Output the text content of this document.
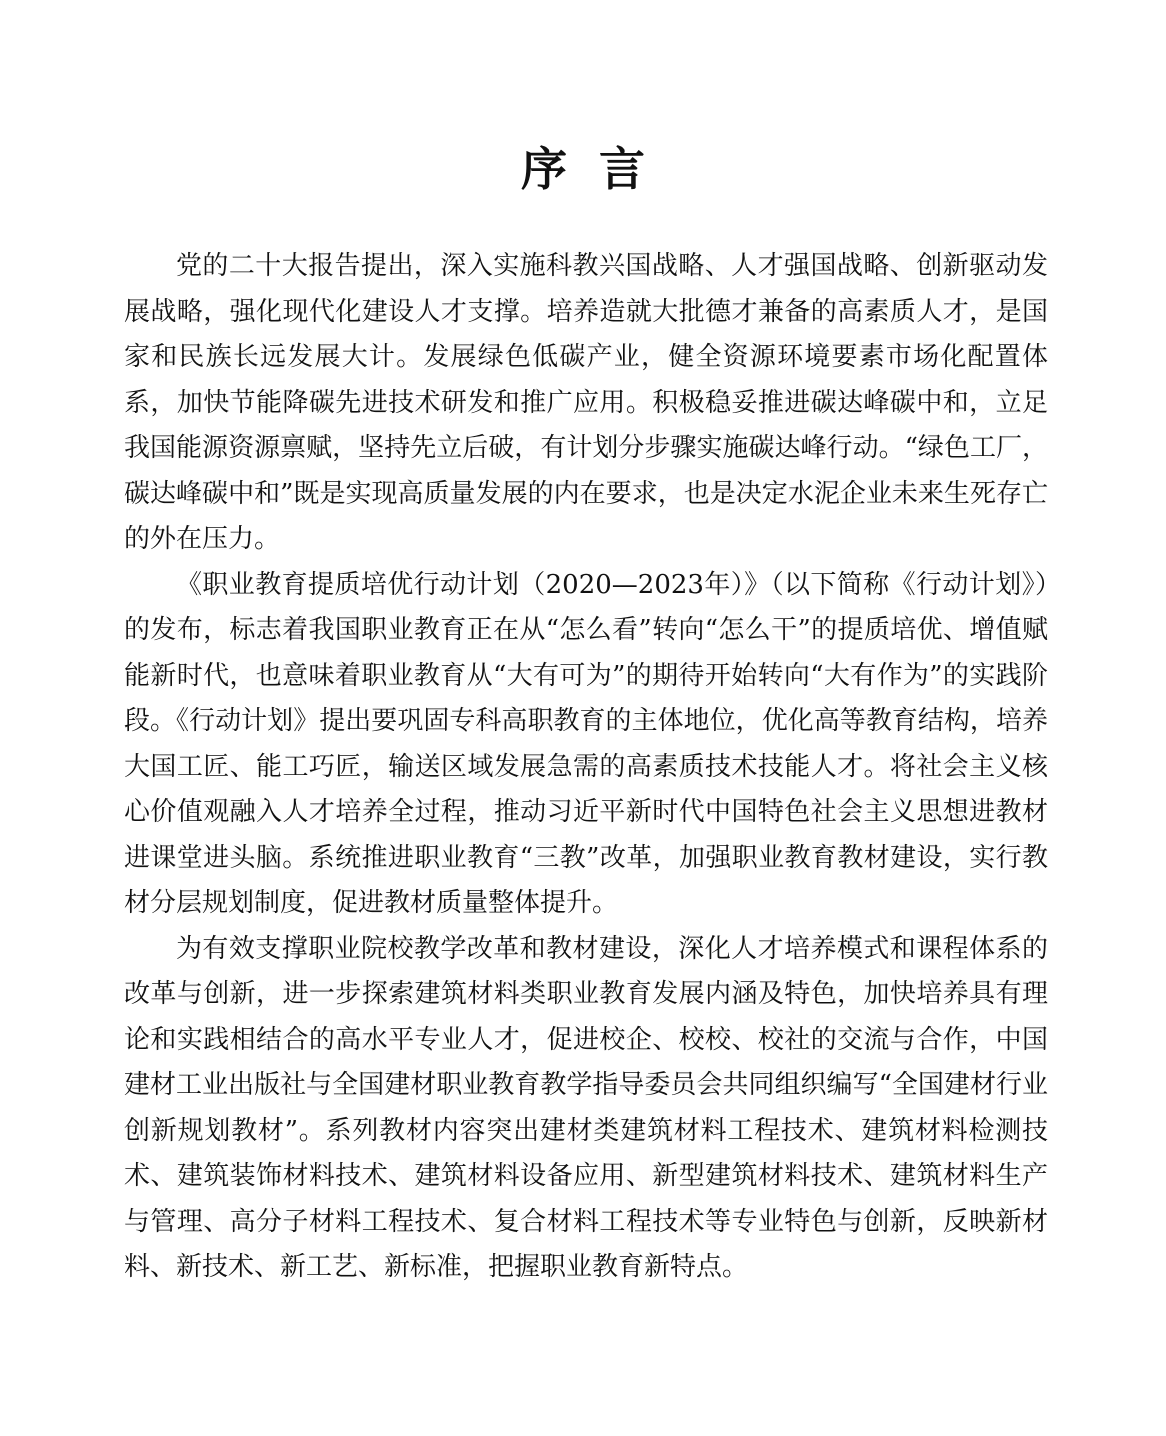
序  言

党的二十大报告提出，深入实施科教兴国战略、人才强国战略、创新驱动发展战略，强化现代化建设人才支撑。培养造就大批德才兼备的高素质人才，是国家和民族长远发展大计。发展绿色低碳产业，健全资源环境要素市场化配置体系，加快节能降碳先进技术研发和推广应用。积极稳妥推进碳达峰碳中和，立足我国能源资源禀赋，坚持先立后破，有计划分步骤实施碳达峰行动。“绿色工厂，碳达峰碳中和”既是实现高质量发展的内在要求，也是决定水泥企业未来生死存亡的外在压力。

《职业教育提质培优行动计划（2020—2023年）》（以下简称《行动计划》）的发布，标志着我国职业教育正在从“怎么看”转向“怎么干”的提质培优、增值赋能新时代，也意味着职业教育从“大有可为”的期待开始转向“大有作为”的实践阶段。《行动计划》提出要巩固专科高职教育的主体地位，优化高等教育结构，培养大国工匠、能工巧匠，输送区域发展急需的高素质技术技能人才。将社会主义核心价值观融入人才培养全过程，推动习近平新时代中国特色社会主义思想进教材进课堂进头脑。系统推进职业教育“三教”改革，加强职业教育教材建设，实行教材分层规划制度，促进教材质量整体提升。

为有效支撑职业院校教学改革和教材建设，深化人才培养模式和课程体系的改革与创新，进一步探索建筑材料类职业教育发展内涵及特色，加快培养具有理论和实践相结合的高水平专业人才，促进校企、校校、校社的交流与合作，中国建材工业出版社与全国建材职业教育教学指导委员会共同组织编写“全国建材行业创新规划教材”。系列教材内容突出建材类建筑材料工程技术、建筑材料检测技术、建筑装饰材料技术、建筑材料设备应用、新型建筑材料技术、建筑材料生产与管理、高分子材料工程技术、复合材料工程技术等专业特色与创新，反映新材料、新技术、新工艺、新标准，把握职业教育新特点。
